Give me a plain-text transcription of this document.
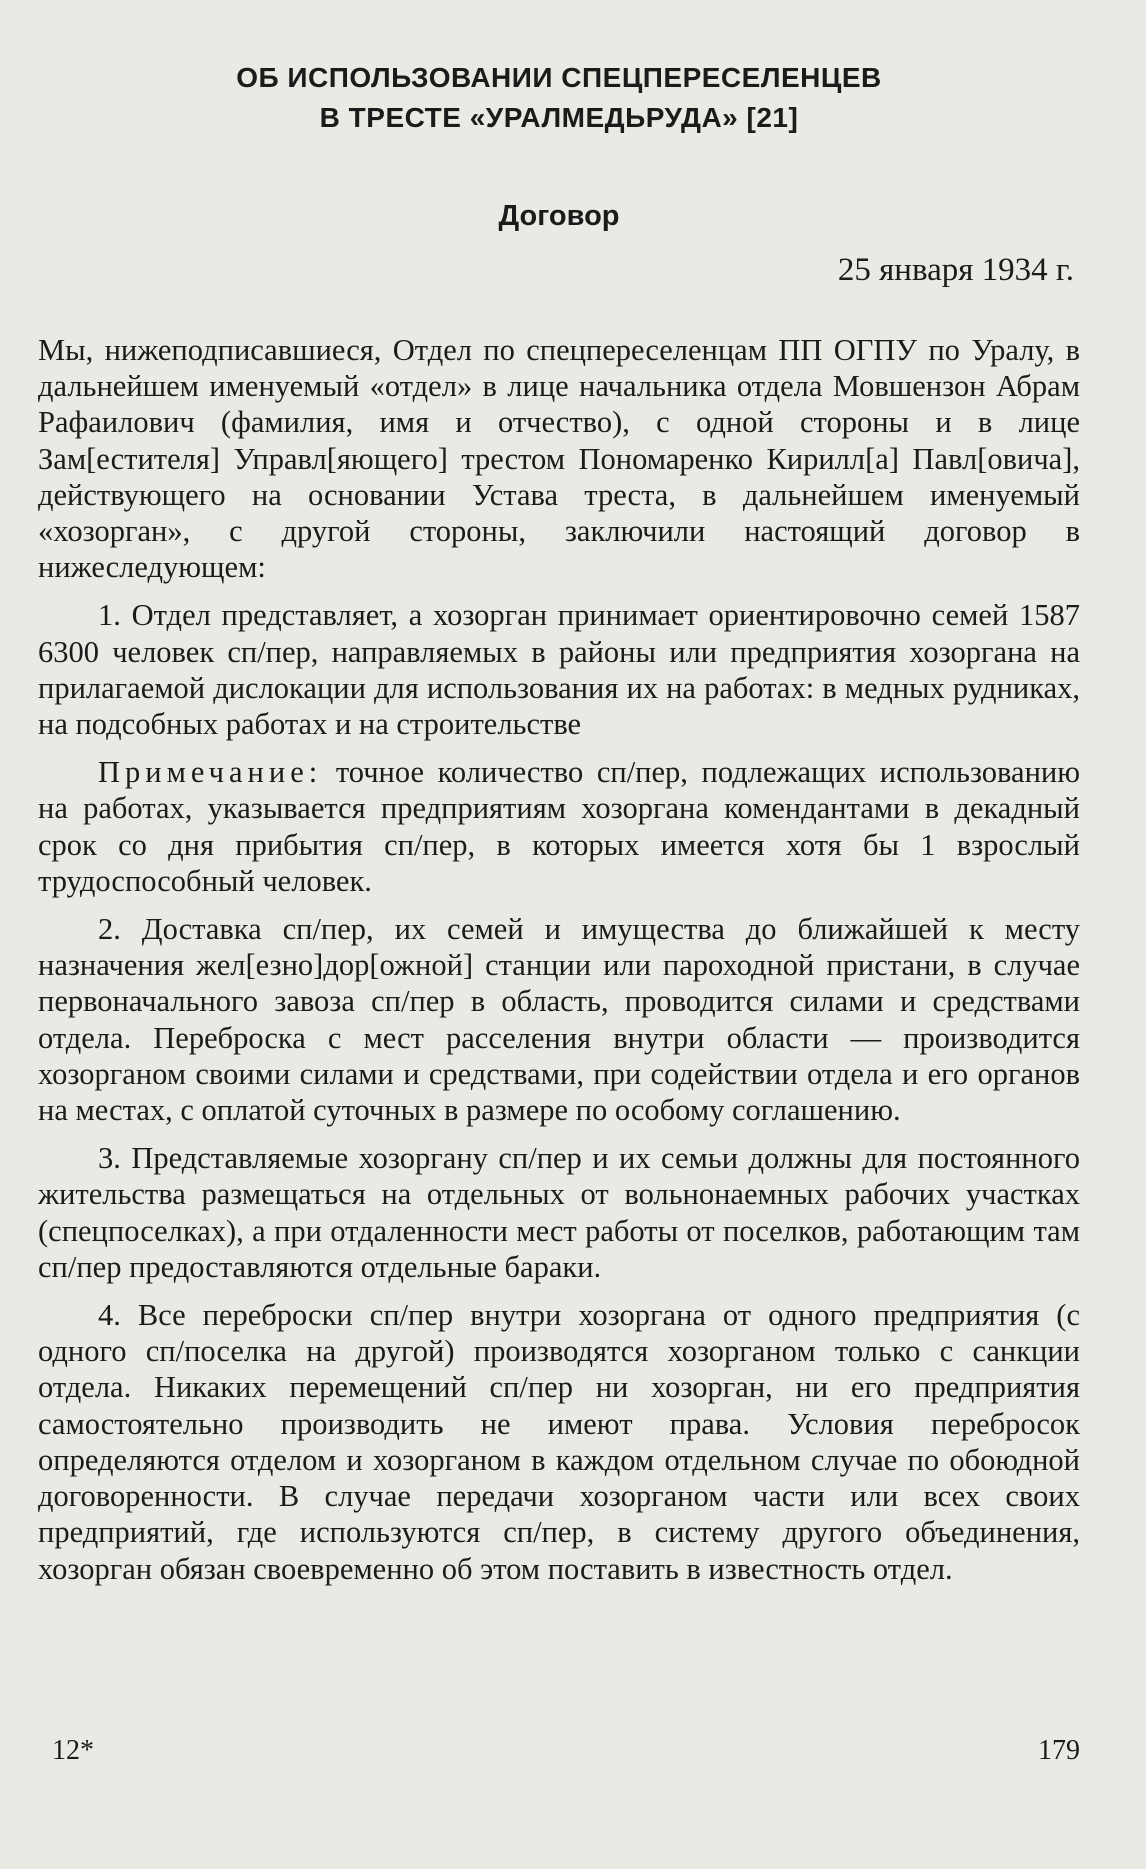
ОБ ИСПОЛЬЗОВАНИИ СПЕЦПЕРЕСЕЛЕНЦЕВ
В ТРЕСТЕ «УРАЛМЕДЬРУДА» [21]
Договор
25 января 1934 г.

Мы, нижеподписавшиеся, Отдел по спецпереселенцам ПП ОГПУ по Уралу, в дальнейшем именуемый «отдел» в лице начальника отдела Мовшензон Абрам Рафаилович (фамилия, имя и отчество), с одной стороны и в лице Зам[естителя] Управл[яющего] трестом Пономаренко Кирилл[а] Павл[овича], действующего на основании Устава треста, в дальнейшем именуемый «хозорган», с другой стороны, заключили настоящий договор в нижеследующем:

1. Отдел представляет, а хозорган принимает ориентировочно семей 1587 6300 человек сп/пер, направляемых в районы или предприятия хозоргана на прилагаемой дислокации для использования их на работах: в медных рудниках, на подсобных работах и на строительстве

Примечание: точное количество сп/пер, подлежащих использованию на работах, указывается предприятиям хозоргана комендантами в декадный срок со дня прибытия сп/пер, в которых имеется хотя бы 1 взрослый трудоспособный человек.

2. Доставка сп/пер, их семей и имущества до ближайшей к месту назначения жел[езно]дор[ожной] станции или пароходной пристани, в случае первоначального завоза сп/пер в область, проводится силами и средствами отдела. Переброска с мест расселения внутри области — производится хозорганом своими силами и средствами, при содействии отдела и его органов на местах, с оплатой суточных в размере по особому соглашению.

3. Представляемые хозоргану сп/пер и их семьи должны для постоянного жительства размещаться на отдельных от вольнонаемных рабочих участках (спецпоселках), а при отдаленности мест работы от поселков, работающим там сп/пер предоставляются отдельные бараки.

4. Все переброски сп/пер внутри хозоргана от одного предприятия (с одного сп/поселка на другой) производятся хозорганом только с санкции отдела. Никаких перемещений сп/пер ни хозорган, ни его предприятия самостоятельно производить не имеют права. Условия перебросок определяются отделом и хозорганом в каждом отдельном случае по обоюдной договоренности. В случае передачи хозорганом части или всех своих предприятий, где используются сп/пер, в систему другого объединения, хозорган обязан своевременно об этом поставить в известность отдел.

12*	179
